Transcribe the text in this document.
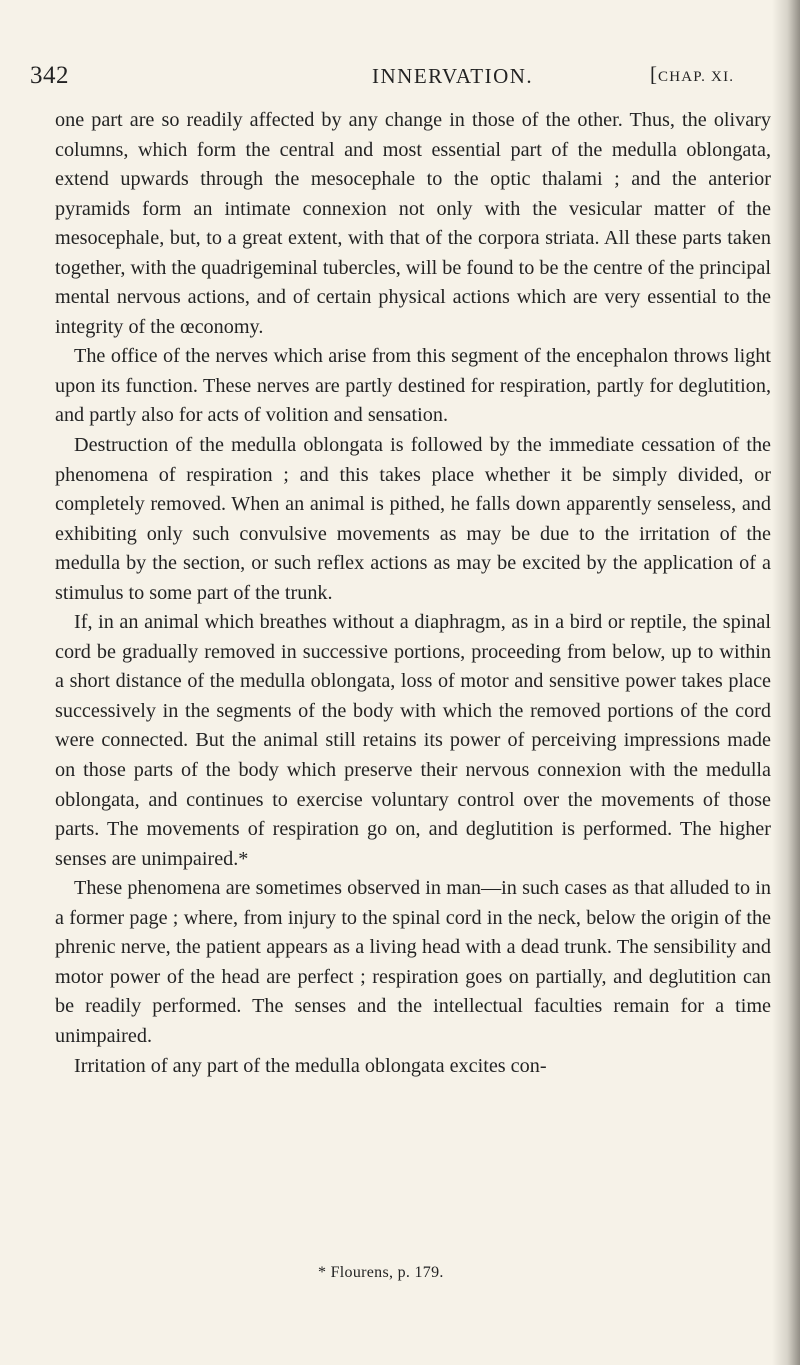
342	INNERVATION.	[CHAP. XI.

one part are so readily affected by any change in those of the other. Thus, the olivary columns, which form the central and most essential part of the medulla oblongata, extend upwards through the mesocephale to the optic thalami ; and the anterior pyramids form an intimate connexion not only with the vesicular matter of the mesocephale, but, to a great extent, with that of the corpora striata. All these parts taken together, with the quadrigeminal tubercles, will be found to be the centre of the principal mental nervous actions, and of certain physical actions which are very essential to the integrity of the œconomy.

The office of the nerves which arise from this segment of the encephalon throws light upon its function. These nerves are partly destined for respiration, partly for deglutition, and partly also for acts of volition and sensation.

Destruction of the medulla oblongata is followed by the immediate cessation of the phenomena of respiration ; and this takes place whether it be simply divided, or completely removed. When an animal is pithed, he falls down apparently senseless, and exhibiting only such convulsive movements as may be due to the irritation of the medulla by the section, or such reflex actions as may be excited by the application of a stimulus to some part of the trunk.

If, in an animal which breathes without a diaphragm, as in a bird or reptile, the spinal cord be gradually removed in successive portions, proceeding from below, up to within a short distance of the medulla oblongata, loss of motor and sensitive power takes place successively in the segments of the body with which the removed portions of the cord were connected. But the animal still retains its power of perceiving impressions made on those parts of the body which preserve their nervous connexion with the medulla oblongata, and continues to exercise voluntary control over the movements of those parts. The movements of respiration go on, and deglutition is performed. The higher senses are unimpaired.*

These phenomena are sometimes observed in man—in such cases as that alluded to in a former page ; where, from injury to the spinal cord in the neck, below the origin of the phrenic nerve, the patient appears as a living head with a dead trunk. The sensibility and motor power of the head are perfect ; respiration goes on partially, and deglutition can be readily performed. The senses and the intellectual faculties remain for a time unimpaired.

Irritation of any part of the medulla oblongata excites con-

* Flourens, p. 179.
